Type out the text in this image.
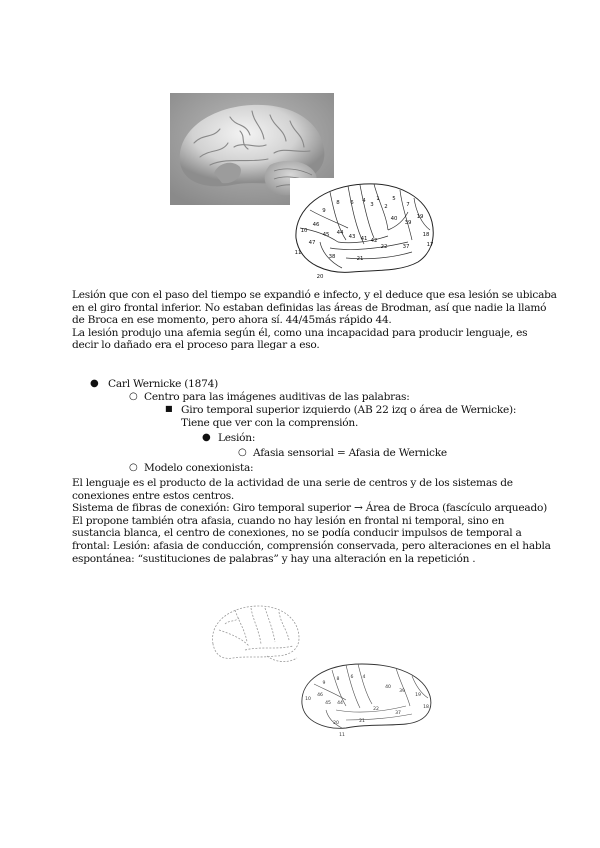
8
9
6 4
3
1
2
5
7
10
46
45 44
43 41 42
40
39
19
18
17
47
22	37
21
38
20
11
Lesión que con el paso del tiempo se expandió e infecto, y el deduce que esa lesión se ubicaba
en el giro frontal inferior. No estaban definidas las áreas de Brodman, así que nadie la llamó
de Broca en ese momento, pero ahora sí. 44/45más rápido 44.
La lesión produjo una afemia según él, como una incapacidad para producir lenguaje, es
decir lo dañado era el proceso para llegar a eso.
● Carl Wernicke (1874)
○ Centro para las imágenes auditivas de las palabras:
■ Giro temporal superior izquierdo (AB 22 izq o área de Wernicke):
Tiene que ver con la comprensión.
● Lesión:
○ Afasia sensorial = Afasia de Wernicke
○ Modelo conexionista:
El lenguaje es el producto de la actividad de una serie de centros y de los sistemas de
conexiones entre estos centros.
Sistema de fibras de conexión: Giro temporal superior → Área de Broca (fascículo arqueado)
El propone también otra afasia, cuando no hay lesión en frontal ni temporal, sino en
sustancia blanca, el centro de conexiones, no se podía conducir impulsos de temporal a
frontal: Lesión: afasia de conducción, comprensión conservada, pero alteraciones en el habla
espontánea: “sustituciones de palabras” y hay una alteración en la repetición .
8 6 4
9
10
46
45 44
40
39
22
21
37
19
18
20
11
